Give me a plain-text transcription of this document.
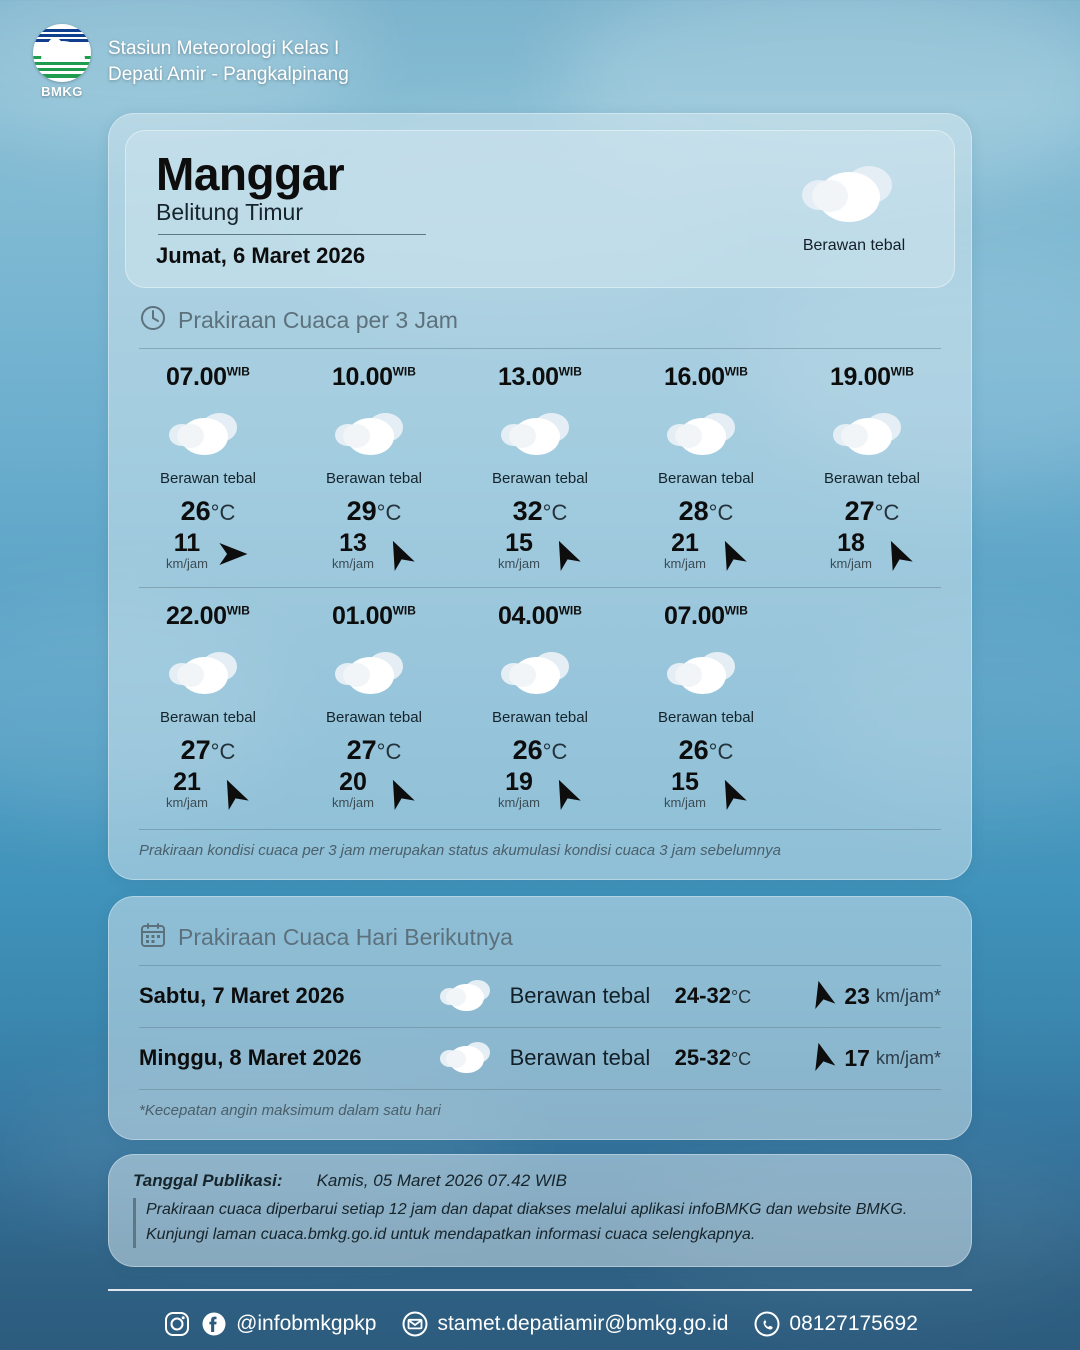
BMKG
Stasiun Meteorologi Kelas I
Depati Amir - Pangkalpinang
Manggar
Belitung Timur
Jumat, 6 Maret 2026	Berawan tebal
Prakiraan Cuaca per 3 Jam
$07.00^{WIB}$
Berawan tebal
26°C
11
km/jam
$10.00^{WIB}$
Berawan tebal
29°C
13
km/jam
$13.00^{WIB}$
Berawan tebal
32°C
15
km/jam
$16.00^{WIB}$
Berawan tebal
28°C
21
km/jam
$19.00^{WIB}$
Berawan tebal
27°C
18
km/jam
$22.00^{WIB}$
Berawan tebal
27°C
21
km/jam
$01.00^{WIB}$
Berawan tebal
27°C
20
km/jam
$04.00^{WIB}$
Berawan tebal
26°C
19
km/jam
$07.00^{WIB}$
Berawan tebal
26°C
15
km/jam
Prakiraan kondisi cuaca per 3 jam merupakan status akumulasi kondisi cuaca 3 jam sebelumnya
Prakiraan Cuaca Hari Berikutnya
Sabtu, 7 Maret 2026	Berawan tebal	24-32°C	23 km/jam*
Minggu, 8 Maret 2026	Berawan tebal	25-32°C	17 km/jam*
*Kecepatan angin maksimum dalam satu hari
Tanggal Publikasi: Kamis, 05 Maret 2026 07.42 WIB

Prakiraan cuaca diperbarui setiap 12 jam dan dapat diakses melalui aplikasi infoBMKG dan website BMKG.

Kunjungi laman cuaca.bmkg.go.id untuk mendapatkan informasi cuaca selengkapnya.

@infobmkgpkp	stamet.depatiamir@bmkg.go.id	08127175692
